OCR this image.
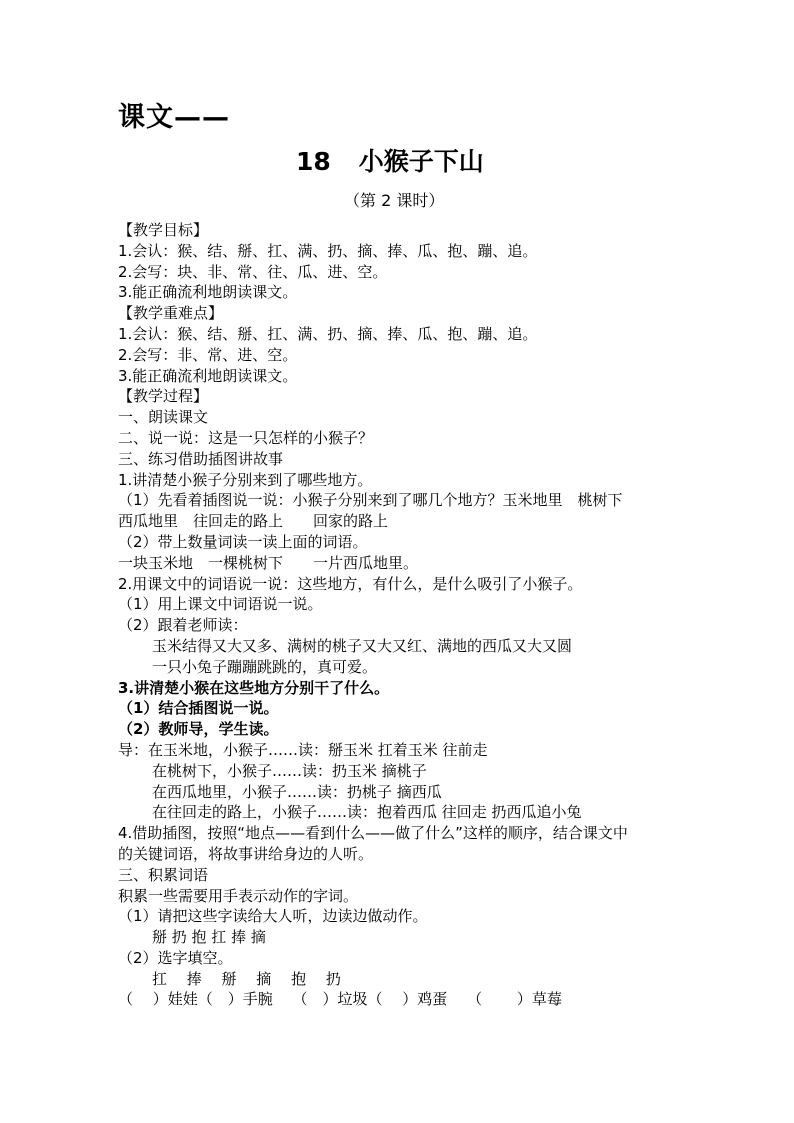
课文——
18 小猴子下山
（第 2 课时）
【教学目标】
1.会认：猴、结、掰、扛、满、扔、摘、捧、瓜、抱、蹦、追。
2.会写：块、非、常、往、瓜、进、空。
3.能正确流利地朗读课文。
【教学重难点】
1.会认：猴、结、掰、扛、满、扔、摘、捧、瓜、抱、蹦、追。
2.会写：非、常、进、空。
3.能正确流利地朗读课文。
【教学过程】
一、朗读课文
二、说一说：这是一只怎样的小猴子？
三、练习借助插图讲故事
1.讲清楚小猴子分别来到了哪些地方。
（1）先看着插图说一说：小猴子分别来到了哪几个地方？玉米地里　桃树下
西瓜地里　往回走的路上　　回家的路上
（2）带上数量词读一读上面的词语。
一块玉米地　一棵桃树下　　一片西瓜地里。
2.用课文中的词语说一说：这些地方，有什么，是什么吸引了小猴子。
（1）用上课文中词语说一说。
（2）跟着老师读：
玉米结得又大又多、满树的桃子又大又红、满地的西瓜又大又圆
一只小兔子蹦蹦跳跳的，真可爱。
3.讲清楚小猴在这些地方分别干了什么。
（1）结合插图说一说。
（2）教师导，学生读。
导：在玉米地，小猴子……读：掰玉米 扛着玉米 往前走
在桃树下，小猴子……读：扔玉米 摘桃子
在西瓜地里，小猴子……读：扔桃子 摘西瓜
在往回走的路上，小猴子……读：抱着西瓜 往回走 扔西瓜追小兔
4.借助插图，按照“地点——看到什么——做了什么”这样的顺序，结合课文中
的关键词语，将故事讲给身边的人听。
三、积累词语
积累一些需要用手表示动作的字词。
（1）请把这些字读给大人听，边读边做动作。
掰 扔 抱 扛 捧 摘
（2）选字填空。
扛　 捧　 掰　 摘　 抱　 扔
（　 ）娃娃（　）手腕　 （　）垃圾（　 ）鸡蛋　 （　　 ）草莓
